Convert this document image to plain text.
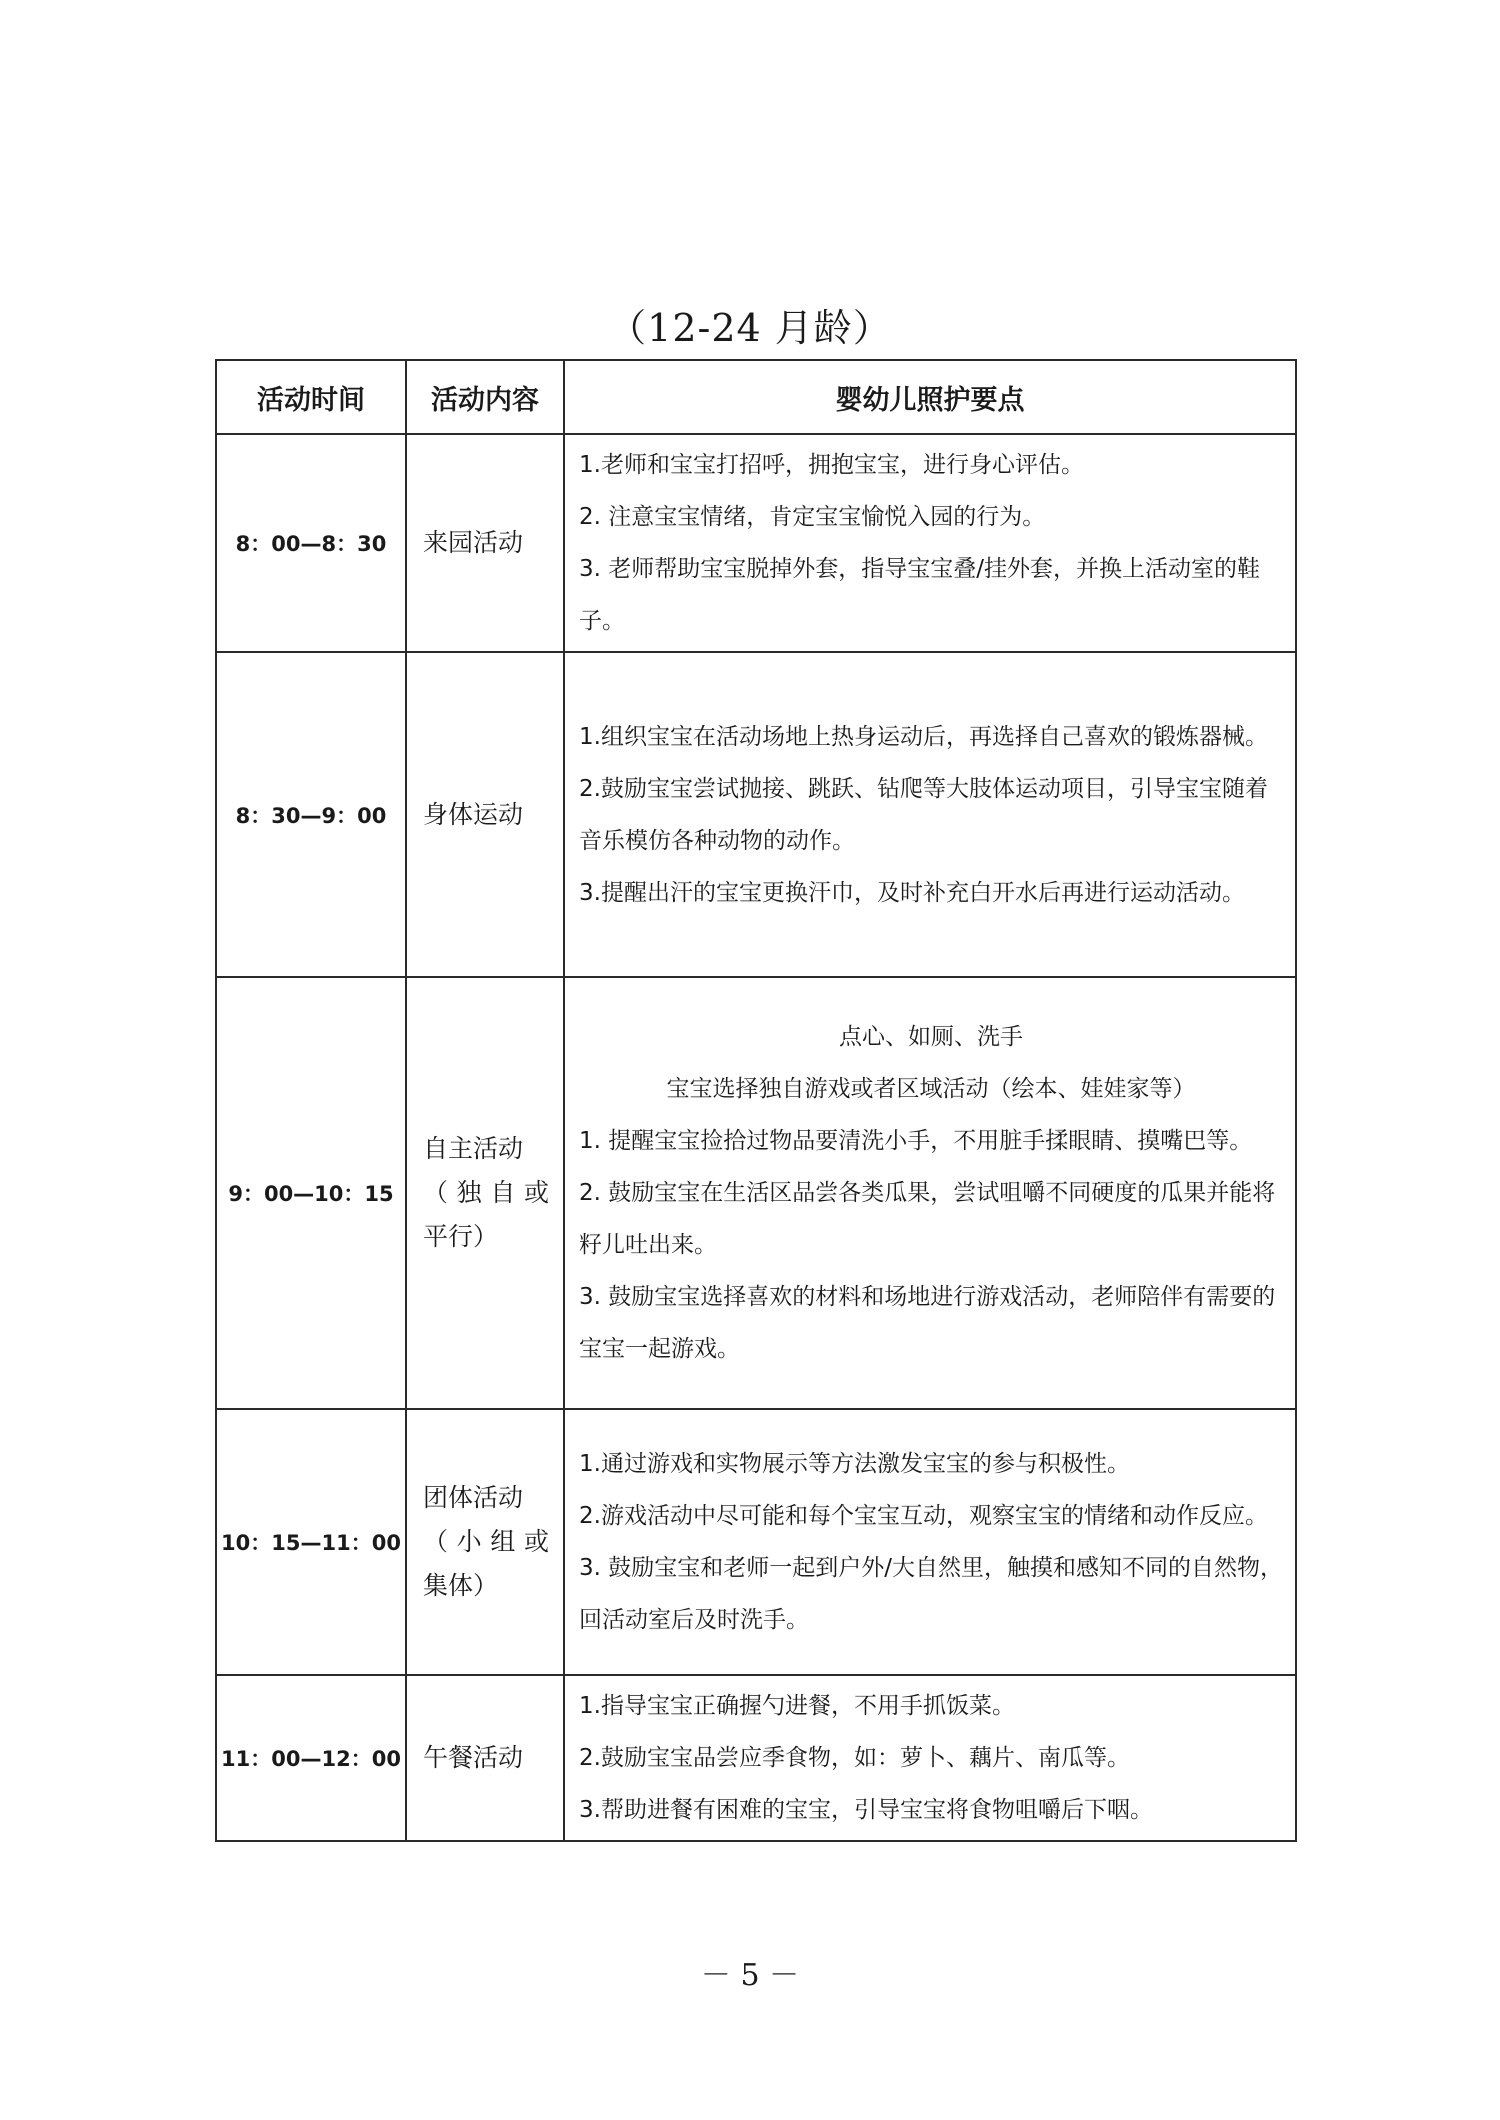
（12-24 月龄）
活动时间	活动内容	婴幼儿照护要点
8：00—8：30	来园活动	1.老师和宝宝打招呼，拥抱宝宝，进行身心评估。
2. 注意宝宝情绪，肯定宝宝愉悦入园的行为。
3. 老师帮助宝宝脱掉外套，指导宝宝叠/挂外套，并换上活动室的鞋子。

8：30—9：00	身体运动	1.组织宝宝在活动场地上热身运动后，再选择自己喜欢的锻炼器械。
2.鼓励宝宝尝试抛接、跳跃、钻爬等大肢体运动项目，引导宝宝随着音乐模仿各种动物的动作。
3.提醒出汗的宝宝更换汗巾，及时补充白开水后再进行运动活动。

9：00—10：15	自主活动
（独自或
平行）	点心、如厕、洗手
宝宝选择独自游戏或者区域活动（绘本、娃娃家等）
1. 提醒宝宝捡拾过物品要清洗小手，不用脏手揉眼睛、摸嘴巴等。
2. 鼓励宝宝在生活区品尝各类瓜果，尝试咀嚼不同硬度的瓜果并能将籽儿吐出来。
3. 鼓励宝宝选择喜欢的材料和场地进行游戏活动，老师陪伴有需要的宝宝一起游戏。

10：15—11：00	团体活动
（小组或
集体）	1.通过游戏和实物展示等方法激发宝宝的参与积极性。
2.游戏活动中尽可能和每个宝宝互动，观察宝宝的情绪和动作反应。
3. 鼓励宝宝和老师一起到户外/大自然里，触摸和感知不同的自然物，回活动室后及时洗手。

11：00—12：00	午餐活动	1.指导宝宝正确握勺进餐，不用手抓饭菜。
2.鼓励宝宝品尝应季食物，如：萝卜、藕片、南瓜等。
3.帮助进餐有困难的宝宝，引导宝宝将食物咀嚼后下咽。
－ 5 －
